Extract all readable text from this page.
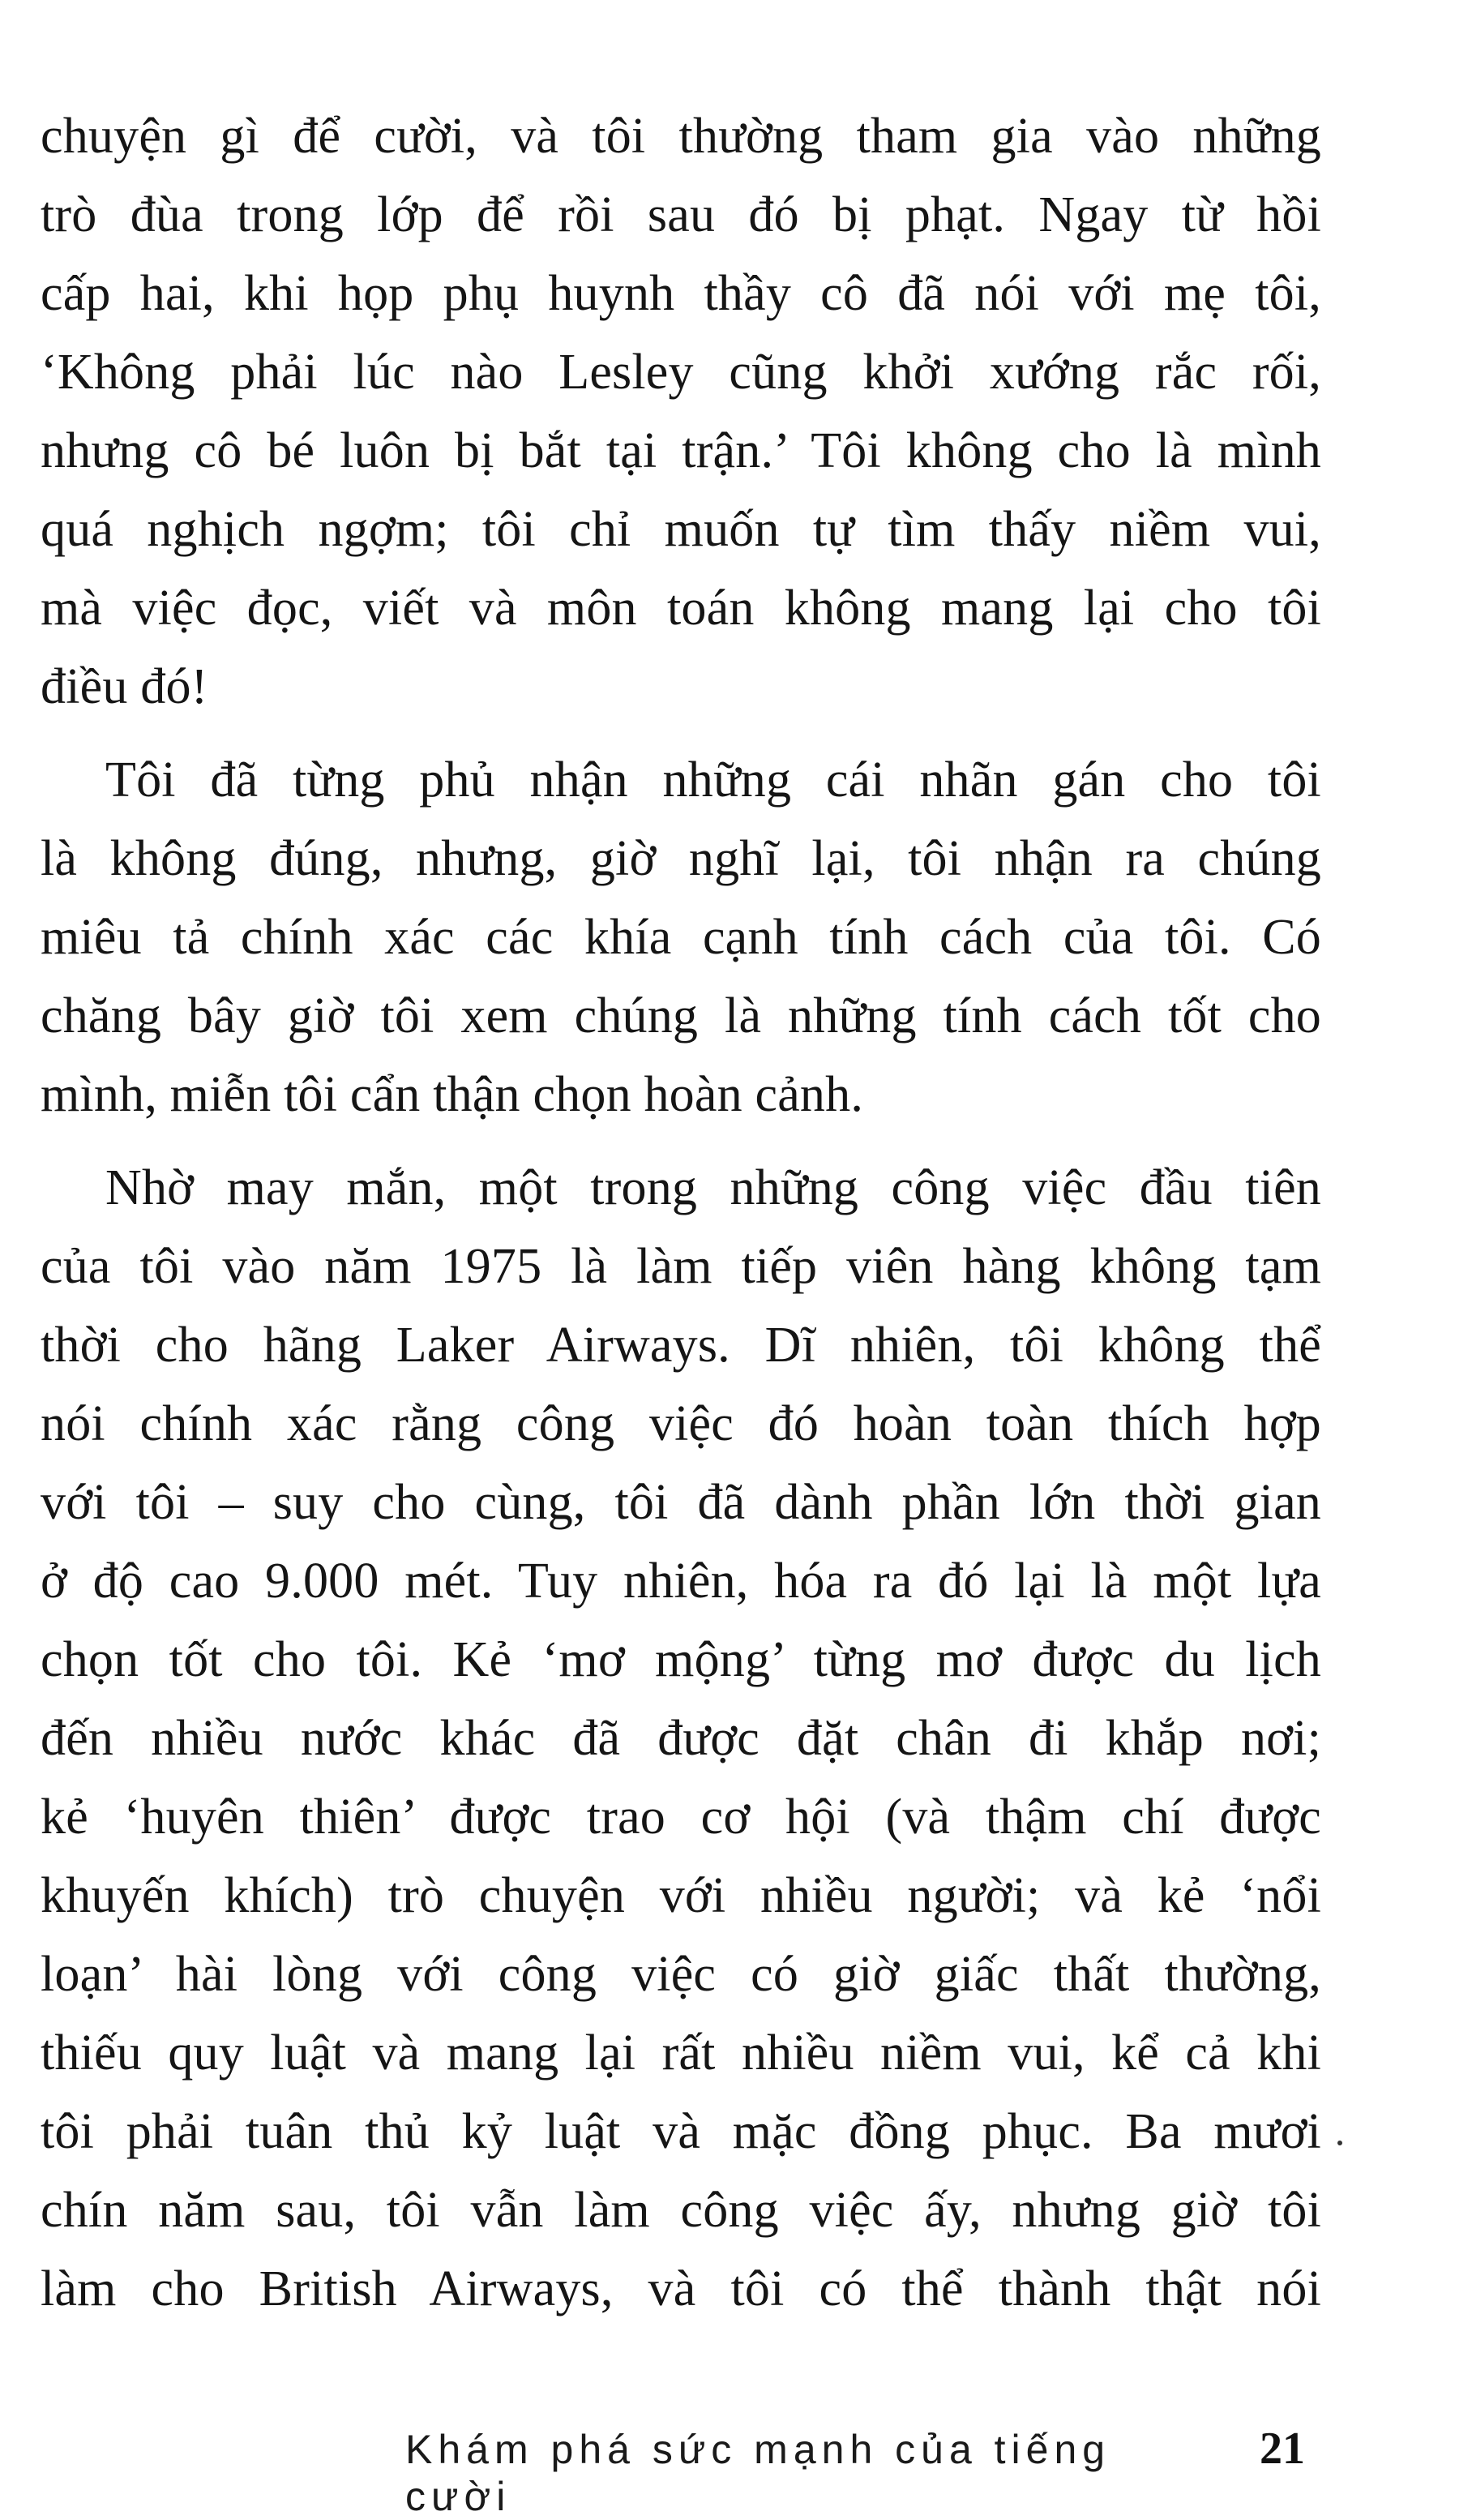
chuyện gì để cười, và tôi thường tham gia vào những
trò đùa trong lớp để rồi sau đó bị phạt. Ngay từ hồi
cấp hai, khi họp phụ huynh thầy cô đã nói với mẹ tôi,
‘Không phải lúc nào Lesley cũng khởi xướng rắc rối,
nhưng cô bé luôn bị bắt tại trận.’ Tôi không cho là mình
quá nghịch ngợm; tôi chỉ muốn tự tìm thấy niềm vui,
mà việc đọc, viết và môn toán không mang lại cho tôi
điều đó!
Tôi đã từng phủ nhận những cái nhãn gán cho tôi
là không đúng, nhưng, giờ nghĩ lại, tôi nhận ra chúng
miêu tả chính xác các khía cạnh tính cách của tôi. Có
chăng bây giờ tôi xem chúng là những tính cách tốt cho
mình, miễn tôi cẩn thận chọn hoàn cảnh.
Nhờ may mắn, một trong những công việc đầu tiên
của tôi vào năm 1975 là làm tiếp viên hàng không tạm
thời cho hãng Laker Airways. Dĩ nhiên, tôi không thể
nói chính xác rằng công việc đó hoàn toàn thích hợp
với tôi – suy cho cùng, tôi đã dành phần lớn thời gian
ở độ cao 9.000 mét. Tuy nhiên, hóa ra đó lại là một lựa
chọn tốt cho tôi. Kẻ ‘mơ mộng’ từng mơ được du lịch
đến nhiều nước khác đã được đặt chân đi khắp nơi;
kẻ ‘huyên thiên’ được trao cơ hội (và thậm chí được
khuyến khích) trò chuyện với nhiều người; và kẻ ‘nổi
loạn’ hài lòng với công việc có giờ giấc thất thường,
thiếu quy luật và mang lại rất nhiều niềm vui, kể cả khi
tôi phải tuân thủ kỷ luật và mặc đồng phục. Ba mươi
chín năm sau, tôi vẫn làm công việc ấy, nhưng giờ tôi
làm cho British Airways, và tôi có thể thành thật nói
Khám phá sức mạnh của tiếng cười
21
